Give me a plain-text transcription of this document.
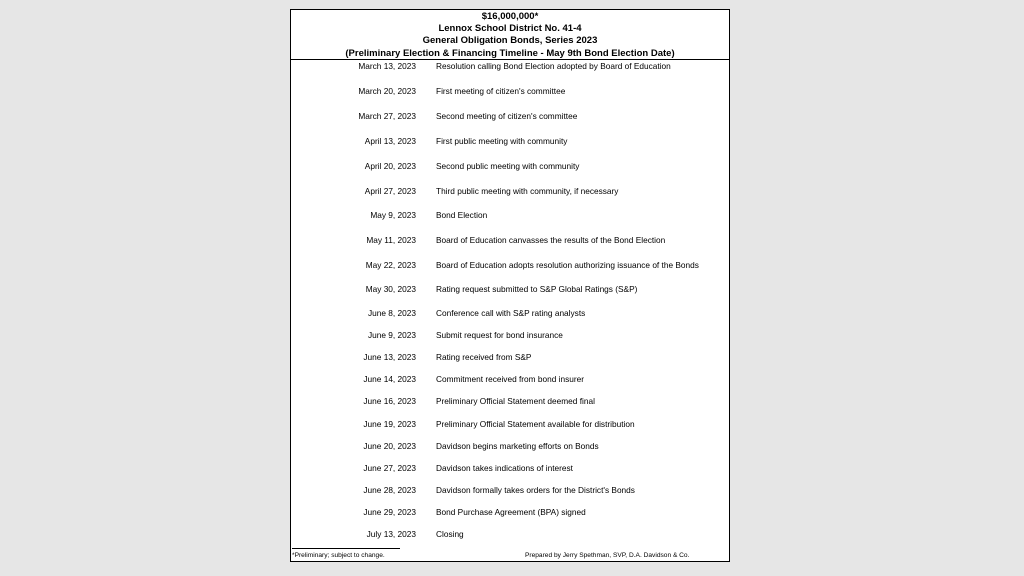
$16,000,000*
Lennox School District No. 41-4
General Obligation Bonds, Series 2023
(Preliminary Election & Financing Timeline - May 9th Bond Election Date)
March 13, 2023 Resolution calling Bond Election adopted by Board of Education
March 20, 2023 First meeting of citizen's committee
March 27, 2023 Second meeting of citizen's committee
April 13, 2023 First public meeting with community
April 20, 2023 Second public meeting with community
April 27, 2023 Third public meeting with community, if necessary
May 9, 2023 Bond Election
May 11, 2023 Board of Education canvasses the results of the Bond Election
May 22, 2023 Board of Education adopts resolution authorizing issuance of the Bonds
May 30, 2023 Rating request submitted to S&P Global Ratings (S&P)
June 8, 2023 Conference call with S&P rating analysts
June 9, 2023 Submit request for bond insurance
June 13, 2023 Rating received from S&P
June 14, 2023 Commitment received from bond insurer
June 16, 2023 Preliminary Official Statement deemed final
June 19, 2023 Preliminary Official Statement available for distribution
June 20, 2023 Davidson begins marketing efforts on Bonds
June 27, 2023 Davidson takes indications of interest
June 28, 2023 Davidson formally takes orders for the District's Bonds
June 29, 2023 Bond Purchase Agreement (BPA) signed
July 13, 2023 Closing
*Preliminary; subject to change.	Prepared by Jerry Spethman, SVP, D.A. Davidson & Co.
